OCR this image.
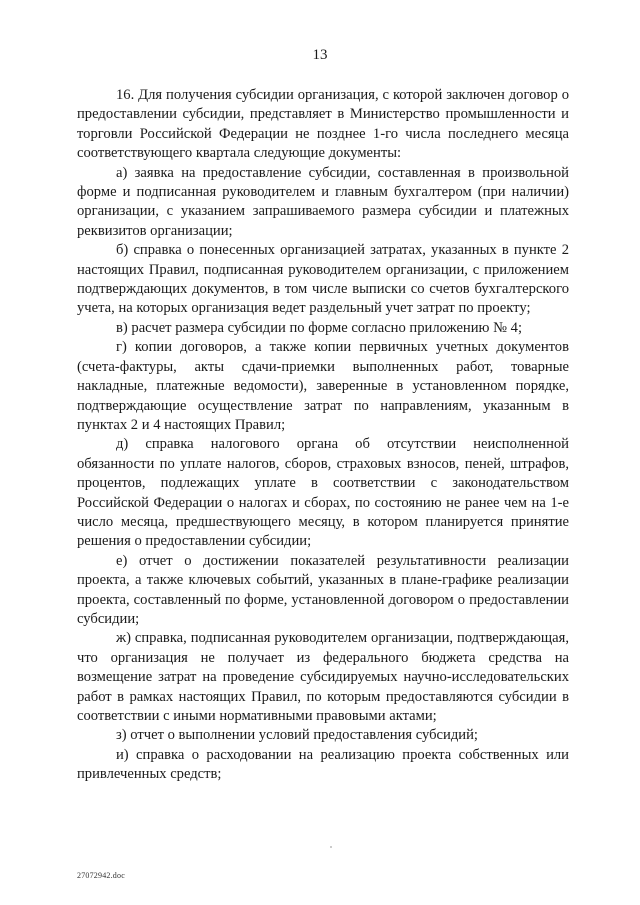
13

16. Для получения субсидии организация, с которой заключен договор о предоставлении субсидии, представляет в Министерство промышленности и торговли Российской Федерации не позднее 1-го числа последнего месяца соответствующего квартала следующие документы:

а) заявка на предоставление субсидии, составленная в произвольной форме и подписанная руководителем и главным бухгалтером (при наличии) организации, с указанием запрашиваемого размера субсидии и платежных реквизитов организации;

б) справка о понесенных организацией затратах, указанных в пункте 2 настоящих Правил, подписанная руководителем организации, с приложением подтверждающих документов, в том числе выписки со счетов бухгалтерского учета, на которых организация ведет раздельный учет затрат по проекту;

в) расчет размера субсидии по форме согласно приложению № 4;

г) копии договоров, а также копии первичных учетных документов (счета-фактуры, акты сдачи-приемки выполненных работ, товарные накладные, платежные ведомости), заверенные в установленном порядке, подтверждающие осуществление затрат по направлениям, указанным в пунктах 2 и 4 настоящих Правил;

д) справка налогового органа об отсутствии неисполненной обязанности по уплате налогов, сборов, страховых взносов, пеней, штрафов, процентов, подлежащих уплате в соответствии с законодательством Российской Федерации о налогах и сборах, по состоянию не ранее чем на 1-е число месяца, предшествующего месяцу, в котором планируется принятие решения о предоставлении субсидии;

е) отчет о достижении показателей результативности реализации проекта, а также ключевых событий, указанных в плане-графике реализации проекта, составленный по форме, установленной договором о предоставлении субсидии;

ж) справка, подписанная руководителем организации, подтверждающая, что организация не получает из федерального бюджета средства на возмещение затрат на проведение субсидируемых научно-исследовательских работ в рамках настоящих Правил, по которым предоставляются субсидии в соответствии с иными нормативными правовыми актами;

з) отчет о выполнении условий предоставления субсидий;

и) справка о расходовании на реализацию проекта собственных или привлеченных средств;

27072942.doc
